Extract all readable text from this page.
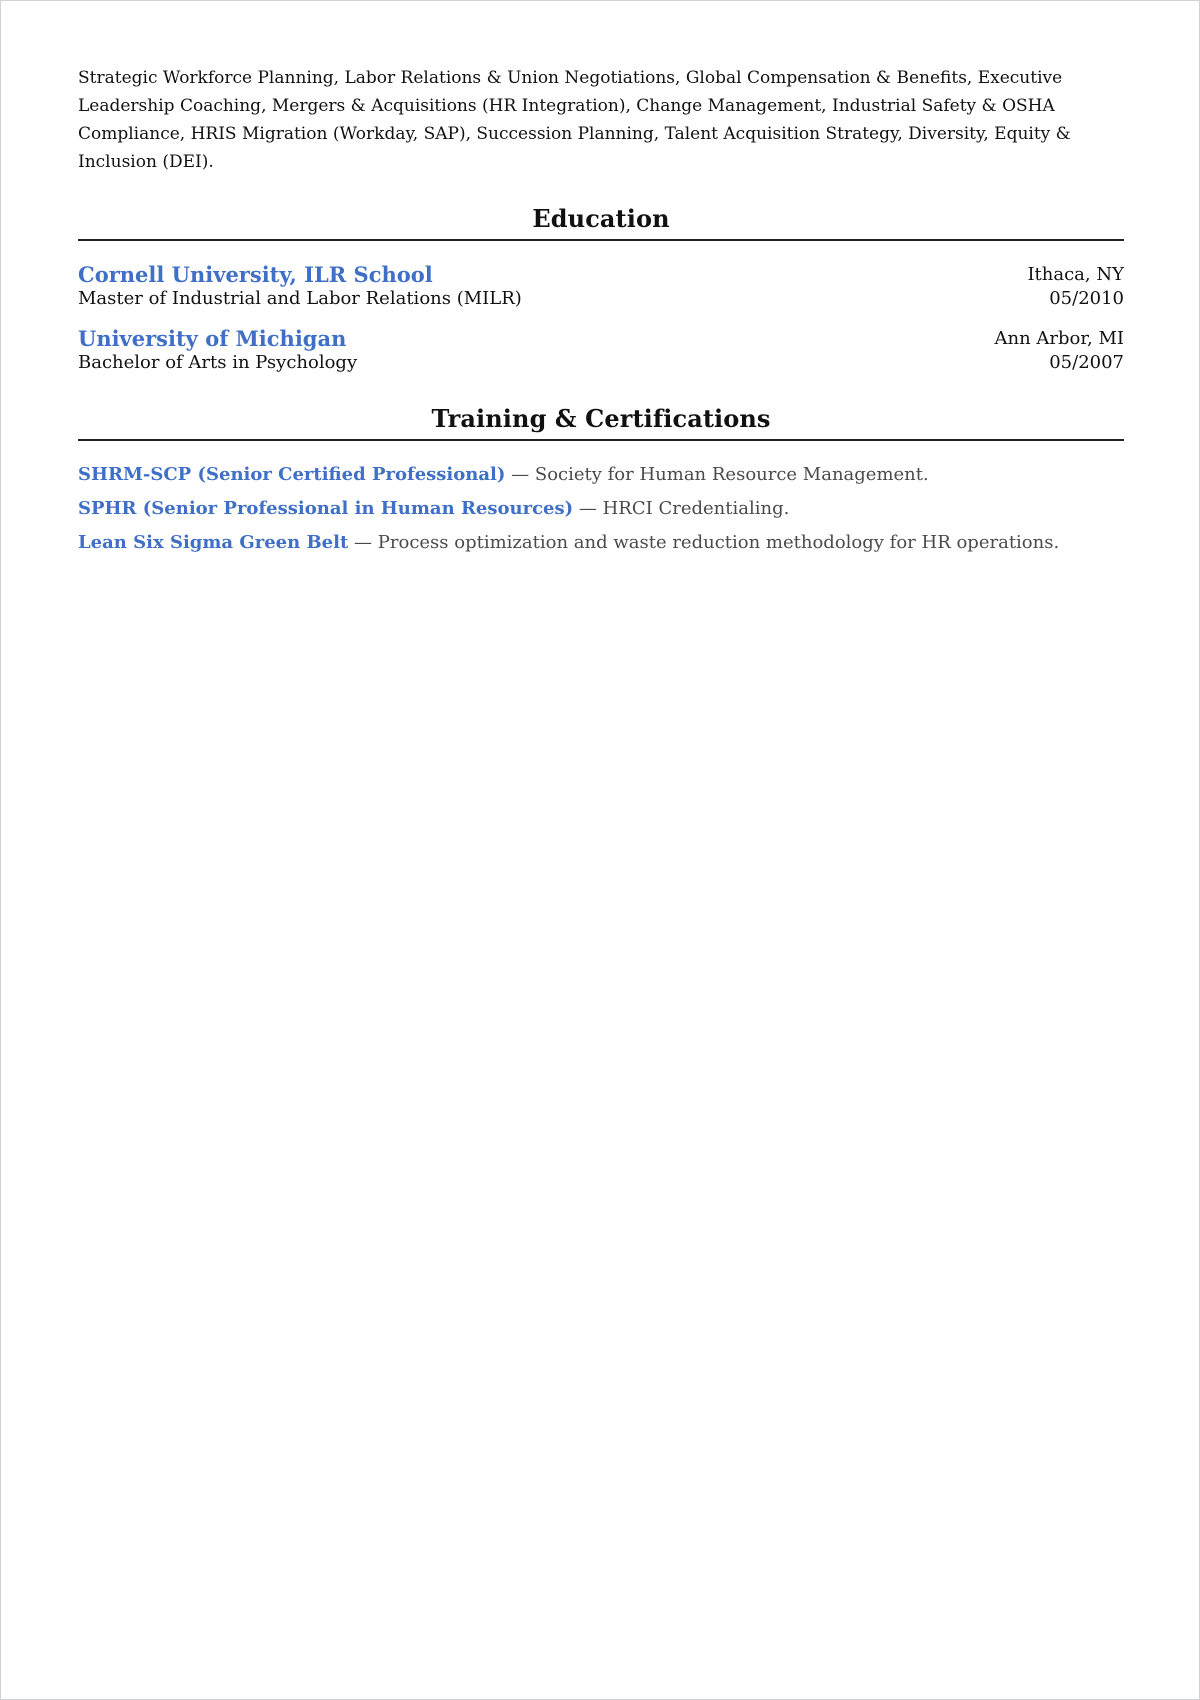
Strategic Workforce Planning, Labor Relations & Union Negotiations, Global Compensation & Benefits, Executive Leadership Coaching, Mergers & Acquisitions (HR Integration), Change Management, Industrial Safety & OSHA Compliance, HRIS Migration (Workday, SAP), Succession Planning, Talent Acquisition Strategy, Diversity, Equity & Inclusion (DEI).

Education
Cornell University, ILR School
Master of Industrial and Labor Relations (MILR)
Ithaca, NY
05/2010
University of Michigan
Bachelor of Arts in Psychology
Ann Arbor, MI
05/2007
Training & Certifications
SHRM-SCP (Senior Certified Professional) — Society for Human Resource Management.
SPHR (Senior Professional in Human Resources) — HRCI Credentialing.
Lean Six Sigma Green Belt — Process optimization and waste reduction methodology for HR operations.
